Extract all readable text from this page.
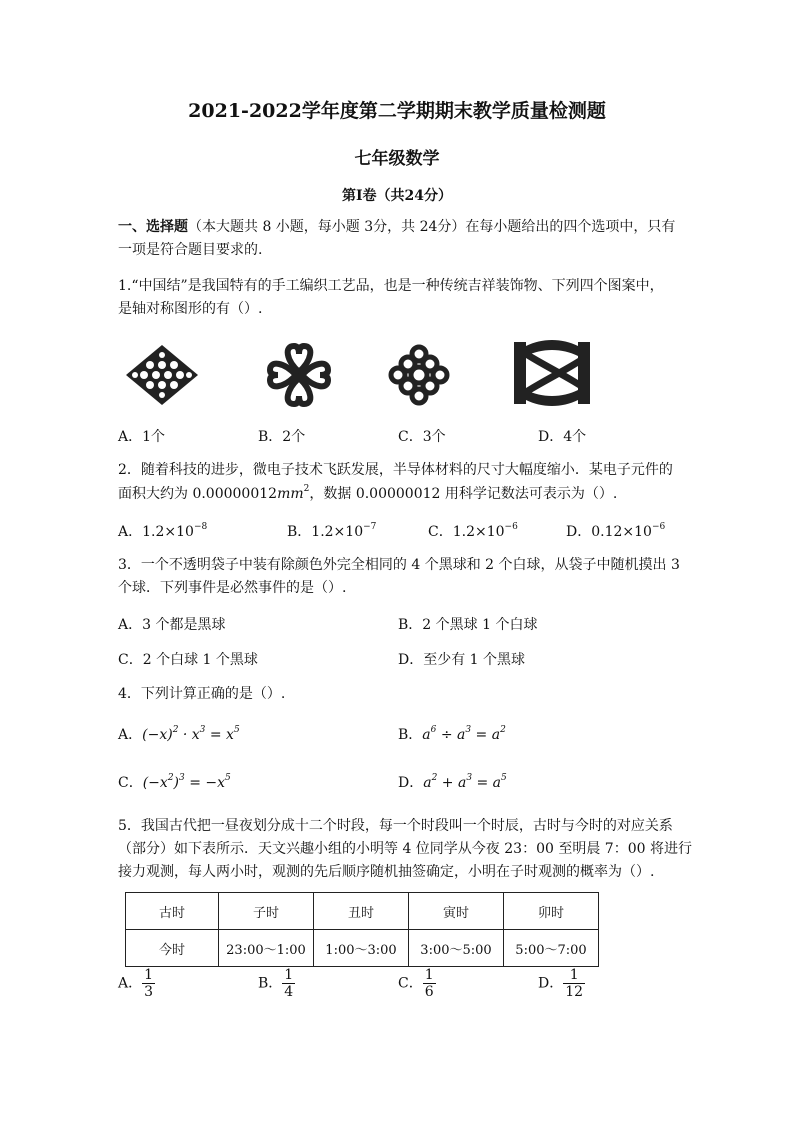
2021-2022学年度第二学期期末教学质量检测题
七年级数学
第Ⅰ卷（共24分）
一、选择题（本大题共 8 小题，每小题 3分，共 24分）在每小题给出的四个选项中，只有
一项是符合题目要求的.
1.“中国结”是我国特有的手工编织工艺品，也是一种传统吉祥装饰物、下列四个图案中，
是轴对称图形的有（）.
A．1个	B．2个	C．3个	D．4个
2．随着科技的进步，微电子技术飞跃发展，半导体材料的尺寸大幅度缩小．某电子元件的
面积大约为 $0.00000012mm^2$，数据 0.00000012 用科学记数法可表示为（）.
A．$1.2\times 10^{-8}$	B．$1.2\times 10^{-7}$	C．$1.2\times 10^{-6}$	D．$0.12\times 10^{-6}$
3．一个不透明袋子中装有除颜色外完全相同的 4 个黑球和 2 个白球，从袋子中随机摸出 3
个球．下列事件是必然事件的是（）.
A．3 个都是黑球	B．2 个黑球 1 个白球
C．2 个白球 1 个黑球	D．至少有 1 个黑球
4．下列计算正确的是（）.
A．$(-x)^2 \cdot x^3 = x^5$	B．$a^6 \div a^3 = a^2$
C．$(-x^2)^3 = -x^5$	D．$a^2 + a^3 = a^5$
5．我国古代把一昼夜划分成十二个时段，每一个时段叫一个时辰，古时与今时的对应关系
（部分）如下表所示．天文兴趣小组的小明等 4 位同学从今夜 23：00 至明晨 7：00 将进行
接力观测，每人两小时，观测的先后顺序随机抽签确定，小明在子时观测的概率为（）.
古时	子时	丑时	寅时	卯时
今时	23:00～1:00	1:00～3:00	3:00～5:00	5:00～7:00
A． $\frac{1}{3}$	B． $\frac{1}{4}$	C． $\frac{1}{6}$	D． $\frac{1}{12}$
